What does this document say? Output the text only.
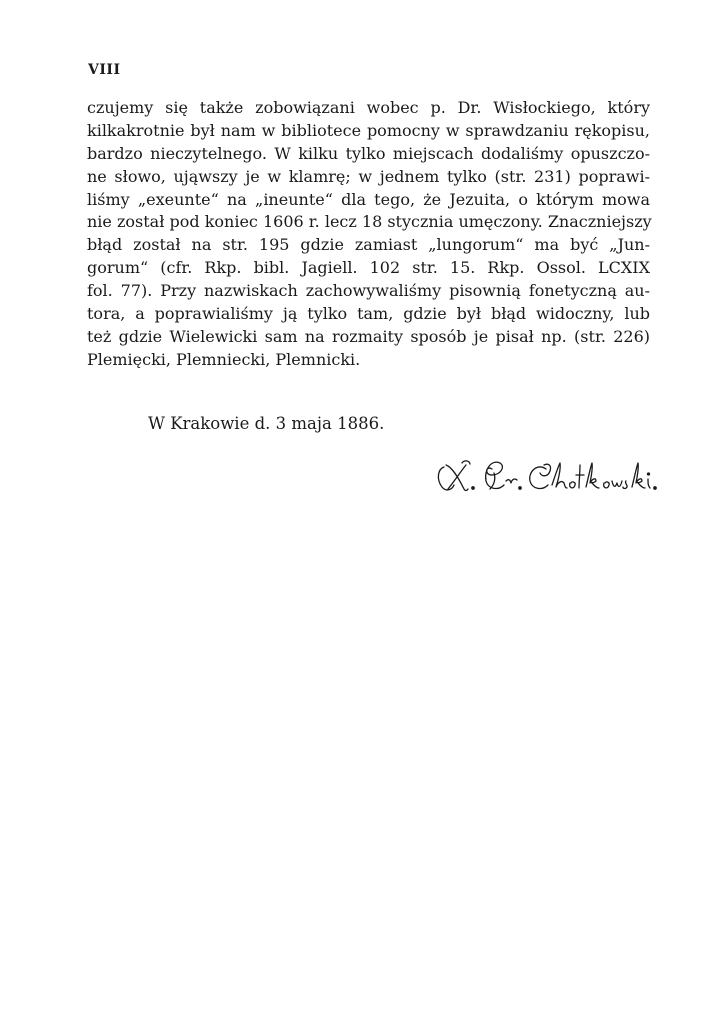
VIII
czujemy się także zobowiązani wobec p. Dr. Wisłockiego, który
kilkakrotnie był nam w bibliotece pomocny w sprawdzaniu rękopisu,
bardzo nieczytelnego. W kilku tylko miejscach dodaliśmy opuszczo-
ne słowo, ująwszy je w klamrę; w jednem tylko (str. 231) poprawi-
liśmy „exeunte“ na „ineunte“ dla tego, że Jezuita, o którym mowa
nie został pod koniec 1606 r. lecz 18 stycznia umęczony. Znaczniejszy
błąd został na str. 195 gdzie zamiast „lungorum“ ma być „Jun-
gorum“ (cfr. Rkp. bibl. Jagiell. 102 str. 15. Rkp. Ossol. LCXIX
fol. 77). Przy nazwiskach zachowywaliśmy pisownią fonetyczną au-
tora, a poprawialiśmy ją tylko tam, gdzie był błąd widoczny, lub
też gdzie Wielewicki sam na rozmaity sposób je pisał np. (str. 226)
Plemięcki, Plemniecki, Plemnicki.
W Krakowie d. 3 maja 1886.
